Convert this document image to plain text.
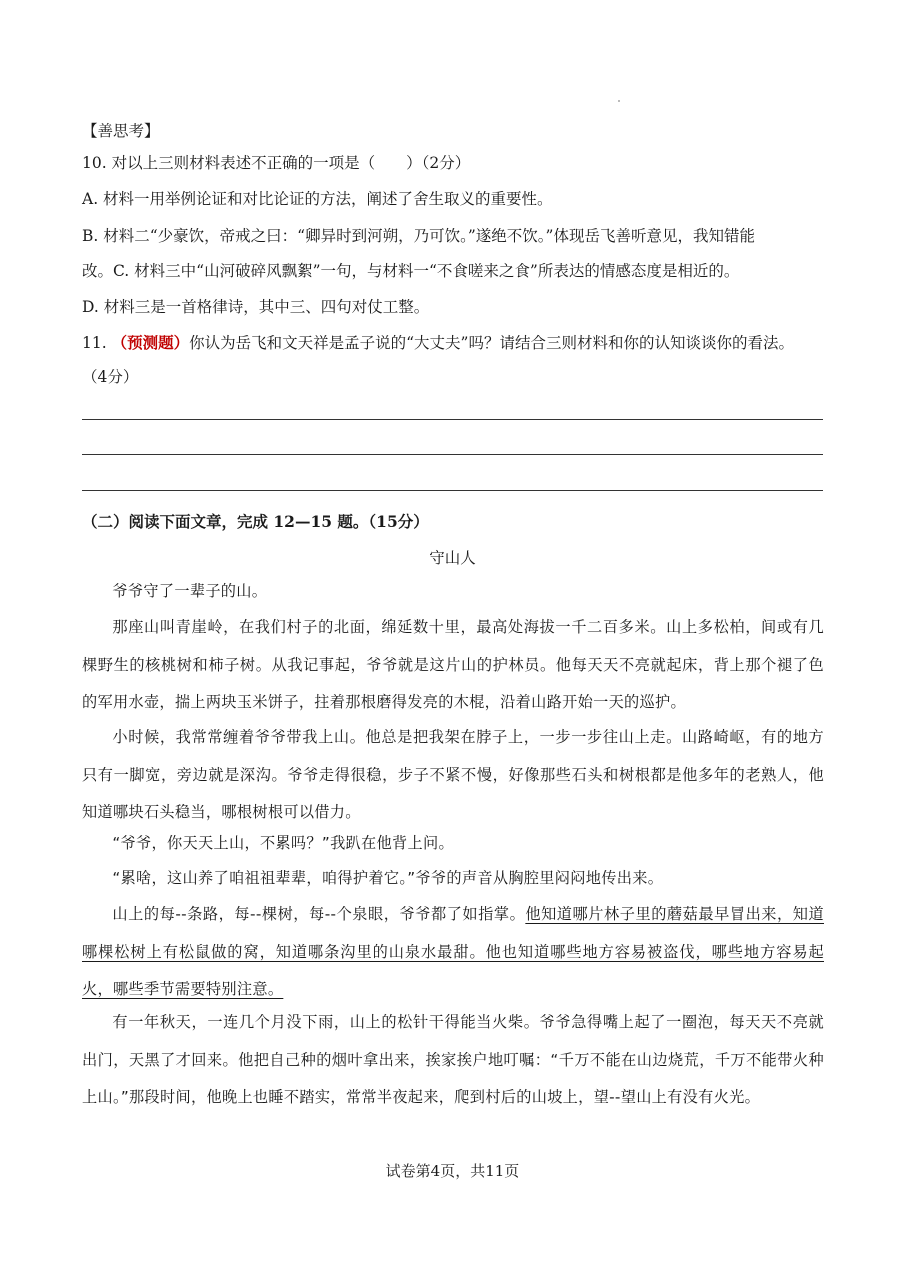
【善思考】
10. 对以上三则材料表述不正确的一项是（　　）（2分）
A. 材料一用举例论证和对比论证的方法，阐述了舍生取义的重要性。
B. 材料二“少豪饮，帝戒之曰：“卿异时到河朔，乃可饮。”遂绝不饮。”体现岳飞善听意见，我知错能
改。C. 材料三中“山河破碎风飘絮”一句，与材料一“不食嗟来之食”所表达的情感态度是相近的。
D. 材料三是一首格律诗，其中三、四句对仗工整。
11. （预测题）你认为岳飞和文天祥是孟子说的“大丈夫”吗？请结合三则材料和你的认知谈谈你的看法。
（4分）
（二）阅读下面文章，完成 12—15 题。（15分）
守山人
爷爷守了一辈子的山。
那座山叫青崖岭，在我们村子的北面，绵延数十里，最高处海拔一千二百多米。山上多松柏，间或有几棵野生的核桃树和柿子树。从我记事起，爷爷就是这片山的护林员。他每天天不亮就起床，背上那个褪了色的军用水壶，揣上两块玉米饼子，拄着那根磨得发亮的木棍，沿着山路开始一天的巡护。
小时候，我常常缠着爷爷带我上山。他总是把我架在脖子上，一步一步往山上走。山路崎岖，有的地方只有一脚宽，旁边就是深沟。爷爷走得很稳，步子不紧不慢，好像那些石头和树根都是他多年的老熟人，他知道哪块石头稳当，哪根树根可以借力。
“爷爷，你天天上山，不累吗？”我趴在他背上问。
“累啥，这山养了咱祖祖辈辈，咱得护着它。”爷爷的声音从胸腔里闷闷地传出来。
山上的每--条路，每--棵树，每--个泉眼，爷爷都了如指掌。他知道哪片林子里的蘑菇最早冒出来，知道哪棵松树上有松鼠做的窝，知道哪条沟里的山泉水最甜。他也知道哪些地方容易被盗伐，哪些地方容易起火，哪些季节需要特别注意。
有一年秋天，一连几个月没下雨，山上的松针干得能当火柴。爷爷急得嘴上起了一圈泡，每天天不亮就出门，天黑了才回来。他把自己种的烟叶拿出来，挨家挨户地叮嘱：“千万不能在山边烧荒，千万不能带火种上山。”那段时间，他晚上也睡不踏实，常常半夜起来，爬到村后的山坡上，望--望山上有没有火光。
试卷第4页，共11页
